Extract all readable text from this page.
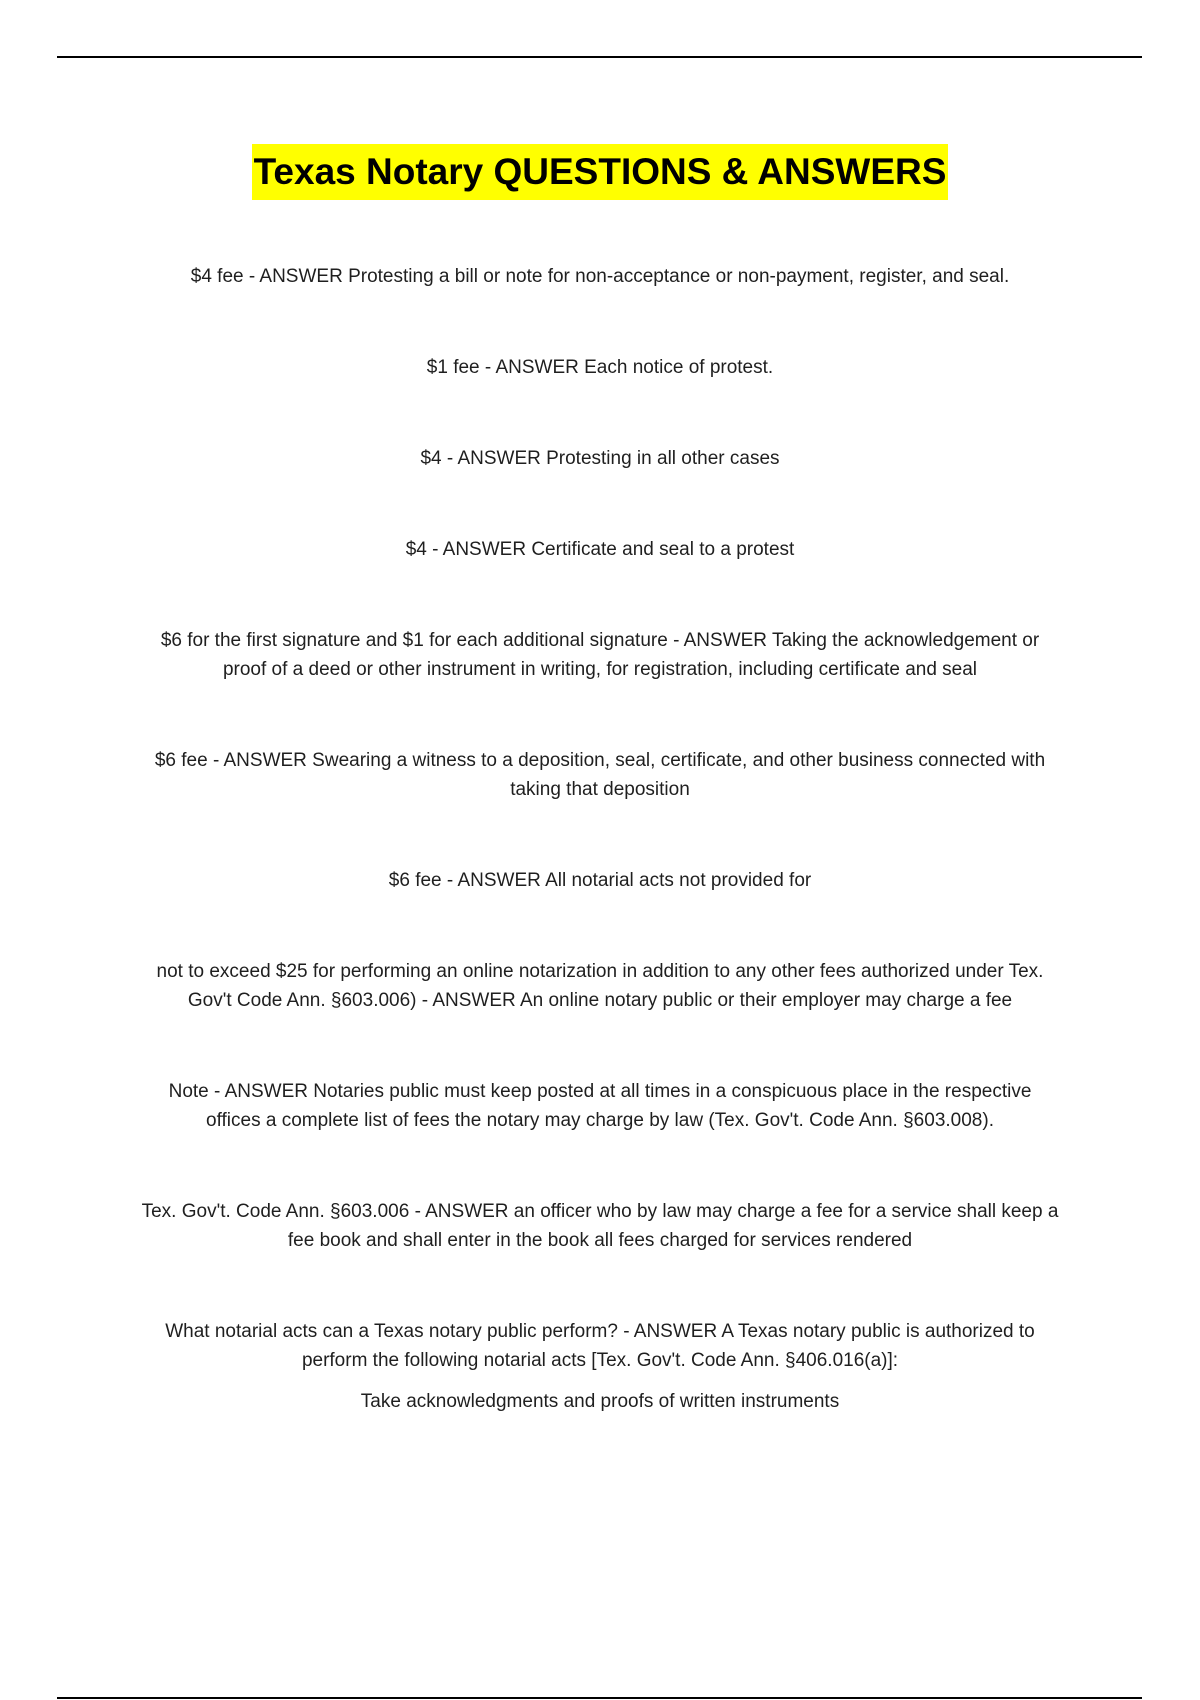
Texas Notary QUESTIONS & ANSWERS

$4 fee - ANSWER Protesting a bill or note for non-acceptance or non-payment, register, and seal.

$1 fee - ANSWER Each notice of protest.

$4 - ANSWER Protesting in all other cases

$4 - ANSWER Certificate and seal to a protest

$6 for the first signature and $1 for each additional signature - ANSWER Taking the acknowledgement or proof of a deed or other instrument in writing, for registration, including certificate and seal

$6 fee - ANSWER Swearing a witness to a deposition, seal, certificate, and other business connected with taking that deposition

$6 fee - ANSWER All notarial acts not provided for

not to exceed $25 for performing an online notarization in addition to any other fees authorized under Tex. Gov't Code Ann. §603.006) - ANSWER An online notary public or their employer may charge a fee

Note - ANSWER Notaries public must keep posted at all times in a conspicuous place in the respective offices a complete list of fees the notary may charge by law (Tex. Gov't. Code Ann. §603.008).

Tex. Gov't. Code Ann. §603.006 - ANSWER an officer who by law may charge a fee for a service shall keep a fee book and shall enter in the book all fees charged for services rendered

What notarial acts can a Texas notary public perform? - ANSWER A Texas notary public is authorized to perform the following notarial acts [Tex. Gov't. Code Ann. §406.016(a)]:

Take acknowledgments and proofs of written instruments
